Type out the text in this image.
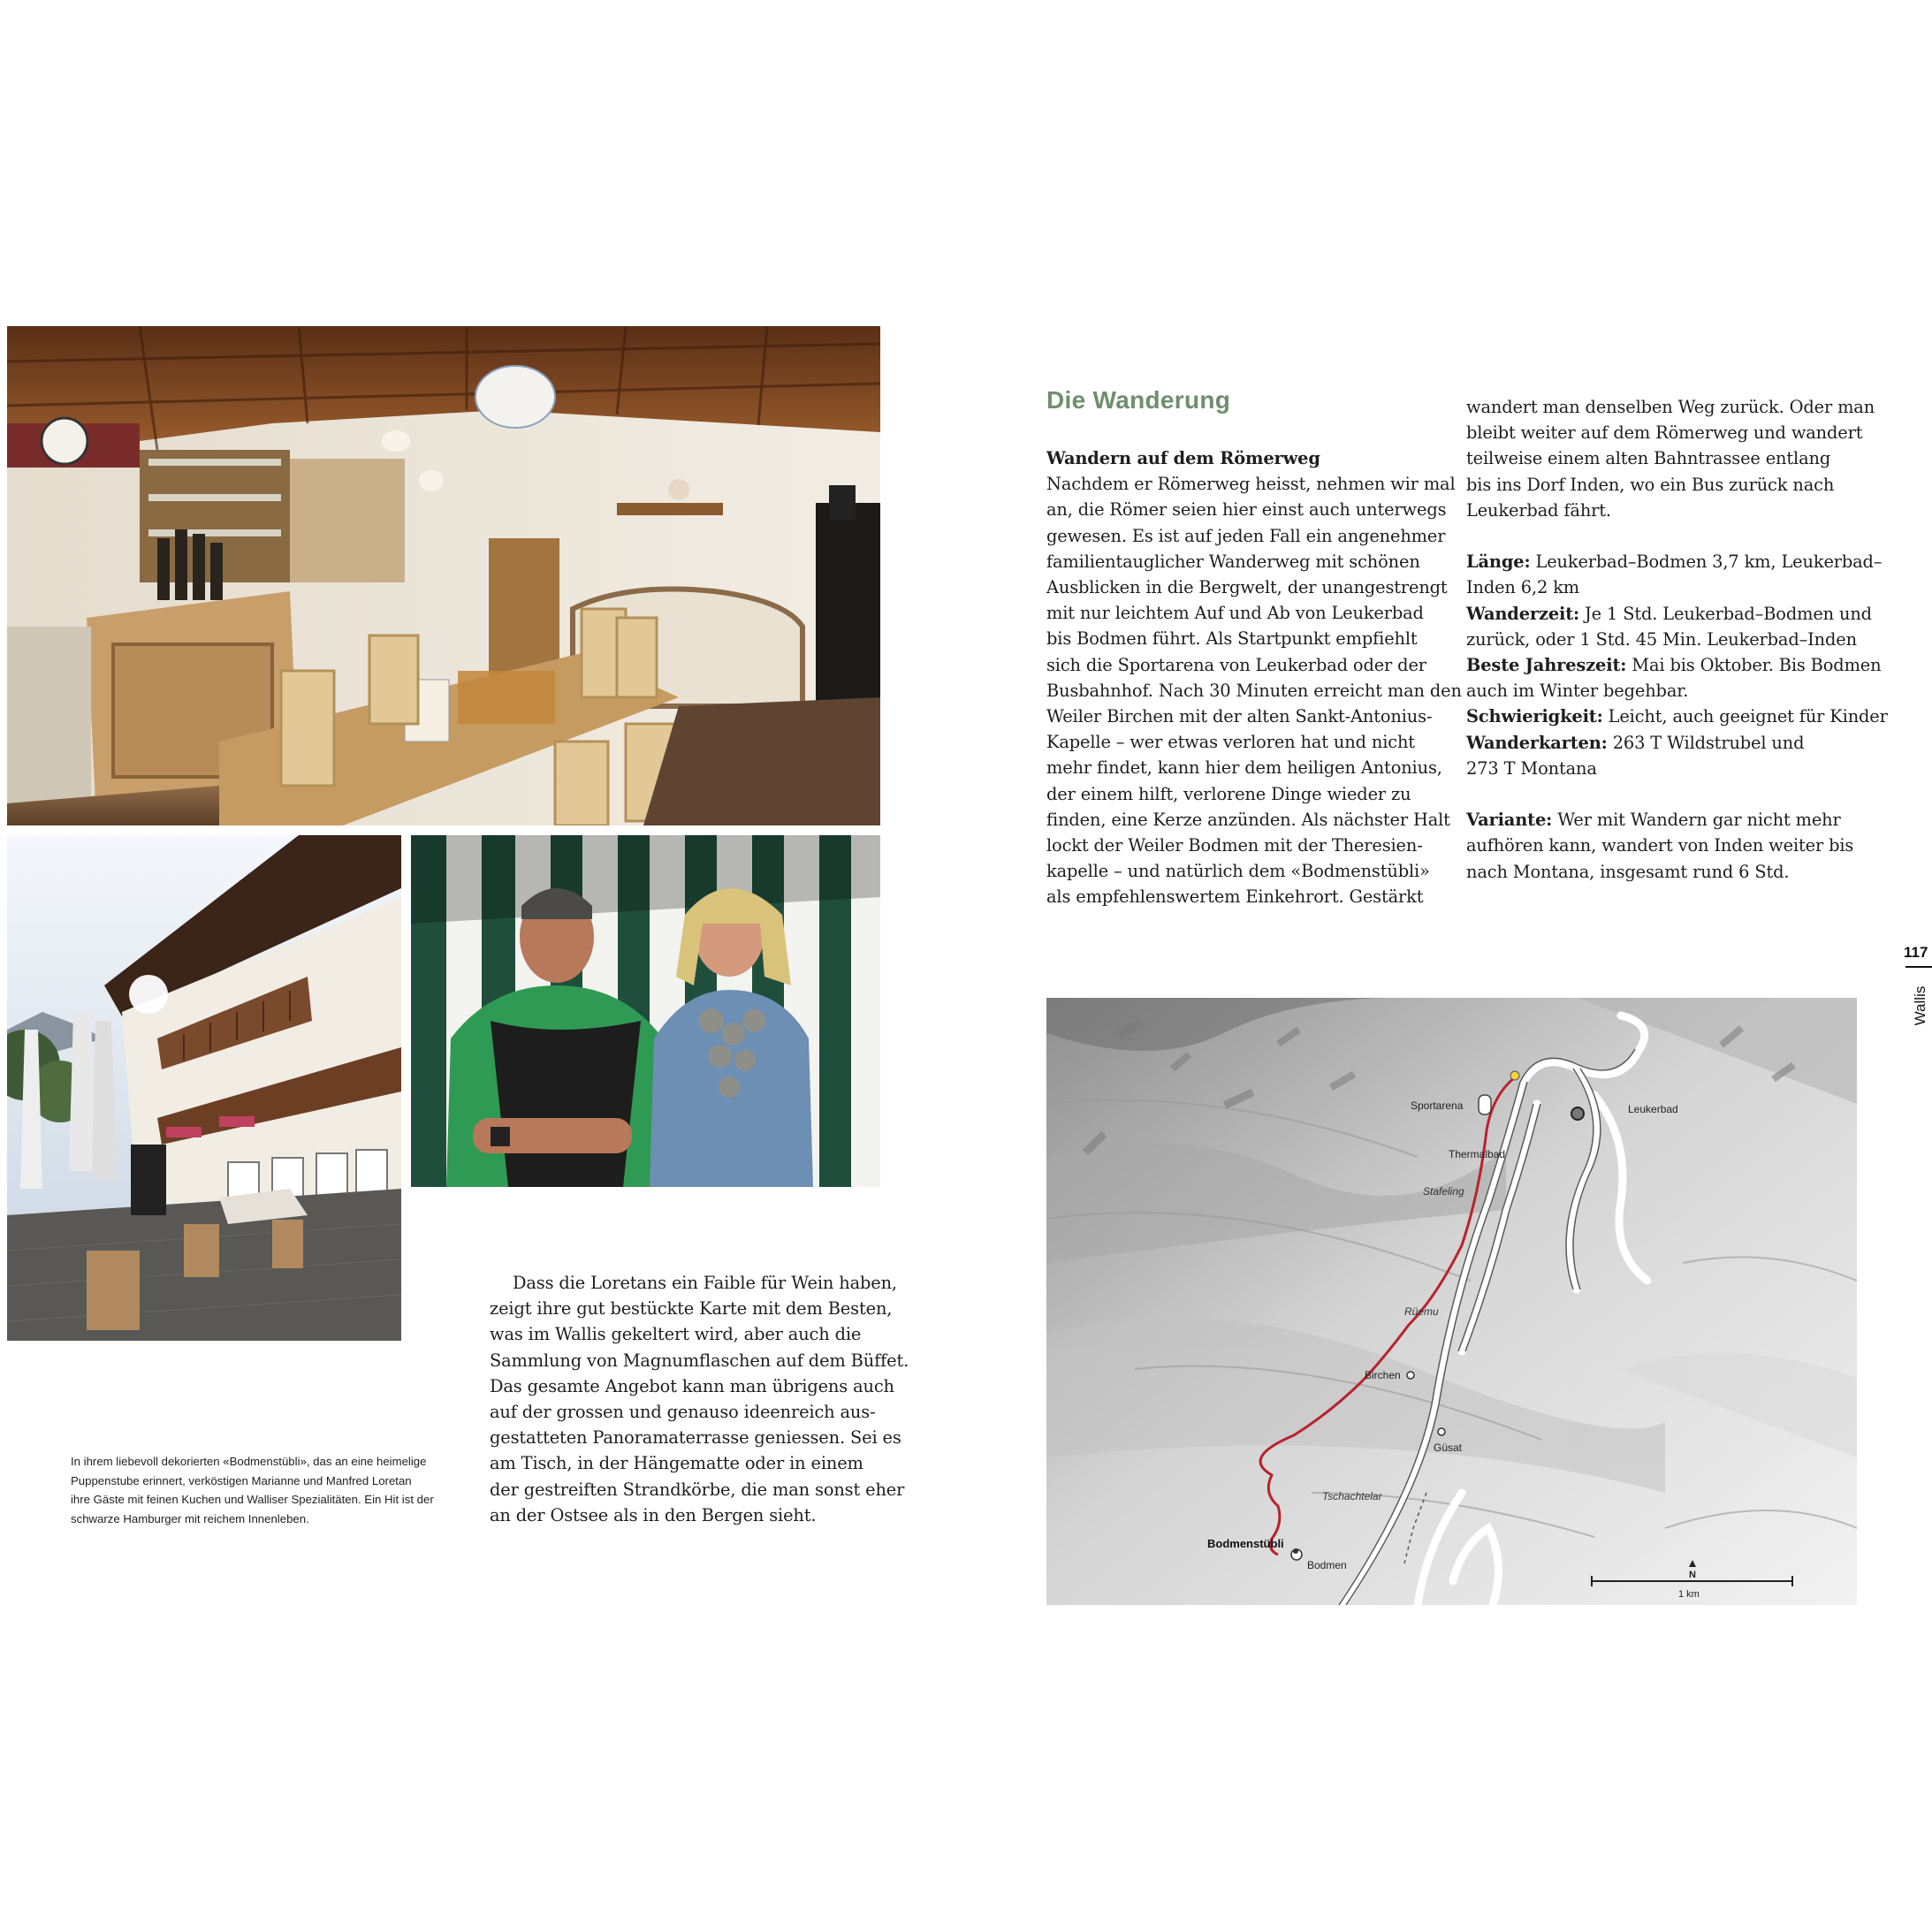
In ihrem liebevoll dekorierten «Bodmenstübli», das an eine heimelige
Puppenstube erinnert, verköstigen Marianne und Manfred Loretan
ihre Gäste mit feinen Kuchen und Walliser Spezialitäten. Ein Hit ist der
schwarze Hamburger mit reichem Innenleben.
Dass die Loretans ein Faible für Wein haben,
zeigt ihre gut bestückte Karte mit dem Besten,
was im Wallis gekeltert wird, aber auch die
Sammlung von Magnumflaschen auf dem Büffet.
Das gesamte Angebot kann man übrigens auch
auf der grossen und genauso ideenreich aus-
gestatteten Panoramaterrasse geniessen. Sei es
am Tisch, in der Hängematte oder in einem
der gestreiften Strandkörbe, die man sonst eher
an der Ostsee als in den Bergen sieht.
Die Wanderung
Wandern auf dem Römerweg
Nachdem er Römerweg heisst, nehmen wir mal
an, die Römer seien hier einst auch unterwegs
gewesen. Es ist auf jeden Fall ein angenehmer
familientauglicher Wanderweg mit schönen
Ausblicken in die Bergwelt, der unangestrengt
mit nur leichtem Auf und Ab von Leukerbad
bis Bodmen führt. Als Startpunkt empfiehlt
sich die Sportarena von Leukerbad oder der
Busbahnhof. Nach 30 Minuten erreicht man den
Weiler Birchen mit der alten Sankt-Antonius-
Kapelle – wer etwas verloren hat und nicht
mehr findet, kann hier dem heiligen Antonius,
der einem hilft, verlorene Dinge wieder zu
finden, eine Kerze anzünden. Als nächster Halt
lockt der Weiler Bodmen mit der Theresien-
kapelle – und natürlich dem «Bodmenstübli»
als empfehlenswertem Einkehrort. Gestärkt
wandert man denselben Weg zurück. Oder man
bleibt weiter auf dem Römerweg und wandert
teilweise einem alten Bahntrassee entlang
bis ins Dorf Inden, wo ein Bus zurück nach
Leukerbad fährt.

Länge: Leukerbad–Bodmen 3,7 km, Leukerbad–
Inden 6,2 km
Wanderzeit: Je 1 Std. Leukerbad–Bodmen und
zurück, oder 1 Std. 45 Min. Leukerbad–Inden
Beste Jahreszeit: Mai bis Oktober. Bis Bodmen
auch im Winter begehbar.
Schwierigkeit: Leicht, auch geeignet für Kinder
Wanderkarten: 263 T Wildstrubel und
273 T Montana

Variante: Wer mit Wandern gar nicht mehr
aufhören kann, wandert von Inden weiter bis
nach Montana, insgesamt rund 6 Std.
117
Wallis
Sportarena	Leukerbad
Thermalbad
Stafeling
Rüemu
Birchen
Güsat
Tschachtelar
Bodmenstübli
Bodmen
1 km
N
